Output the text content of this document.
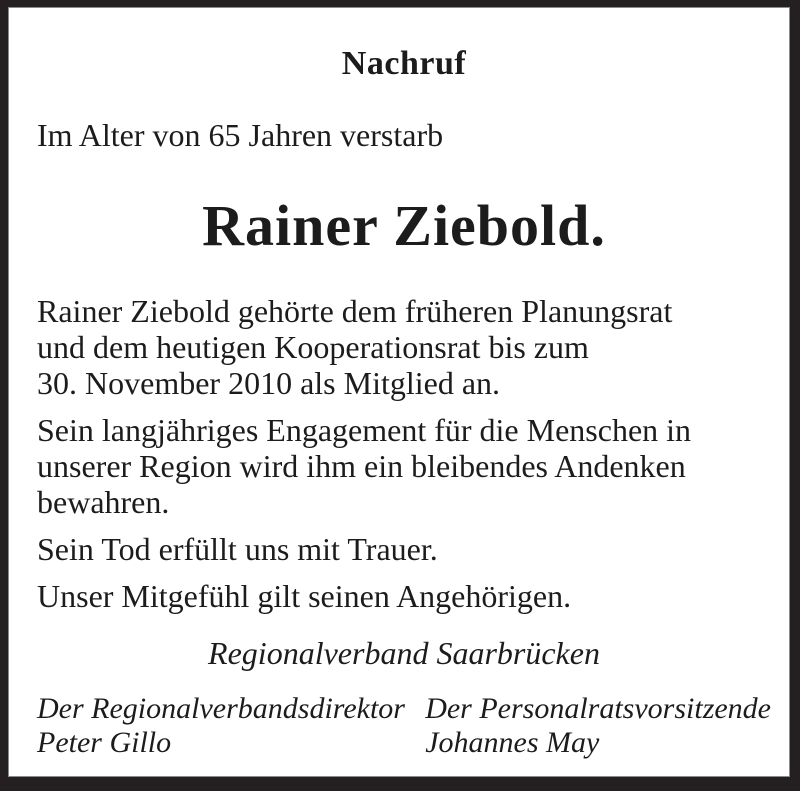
Nachruf
Im Alter von 65 Jahren verstarb
Rainer Ziebold.
Rainer Ziebold gehörte dem früheren Planungsrat
und dem heutigen Kooperationsrat bis zum
30. November 2010 als Mitglied an.
Sein langjähriges Engagement für die Menschen in
unserer Region wird ihm ein bleibendes Andenken
bewahren.
Sein Tod erfüllt uns mit Trauer.
Unser Mitgefühl gilt seinen Angehörigen.
Regionalverband Saarbrücken
Der Regionalverbandsdirektor
Peter Gillo
Der Personalratsvorsitzende
Johannes May
